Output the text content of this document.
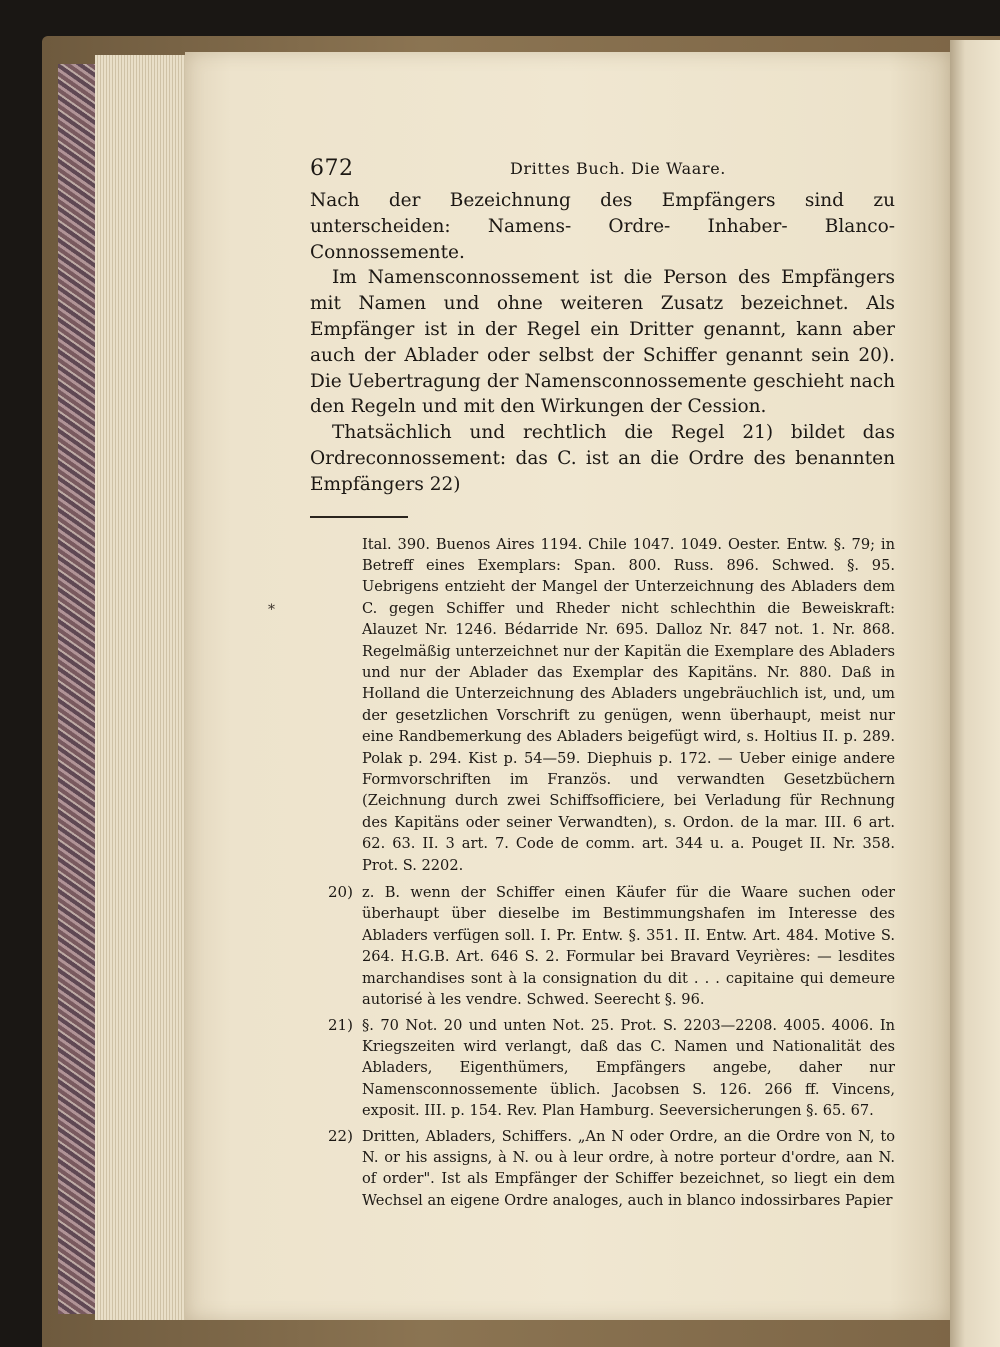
*
672	Drittes Buch. Die Waare.

Nach der Bezeichnung des Empfängers sind zu unterscheiden: Namens- Ordre- Inhaber- Blanco-Connossemente.

Im Namensconnossement ist die Person des Empfängers mit Namen und ohne weiteren Zusatz bezeichnet. Als Empfänger ist in der Regel ein Dritter genannt, kann aber auch der Ablader oder selbst der Schiffer genannt sein 20). Die Uebertragung der Namensconnossemente geschieht nach den Regeln und mit den Wirkungen der Cession.

Thatsächlich und rechtlich die Regel 21) bildet das Ordreconnossement: das C. ist an die Ordre des benannten Empfängers 22)

Ital. 390. Buenos Aires 1194. Chile 1047. 1049. Oester. Entw. §. 79; in Betreff eines Exemplars: Span. 800. Russ. 896. Schwed. §. 95. Uebrigens entzieht der Mangel der Unterzeichnung des Abladers dem C. gegen Schiffer und Rheder nicht schlechthin die Beweiskraft: Alauzet Nr. 1246. Bédarride Nr. 695. Dalloz Nr. 847 not. 1. Nr. 868. Regelmäßig unterzeichnet nur der Kapitän die Exemplare des Abladers und nur der Ablader das Exemplar des Kapitäns. Nr. 880. Daß in Holland die Unterzeichnung des Abladers ungebräuchlich ist, und, um der gesetzlichen Vorschrift zu genügen, wenn überhaupt, meist nur eine Randbemerkung des Abladers beigefügt wird, s. Holtius II. p. 289. Polak p. 294. Kist p. 54—59. Diephuis p. 172. — Ueber einige andere Formvorschriften im Französ. und verwandten Gesetzbüchern (Zeichnung durch zwei Schiffsofficiere, bei Verladung für Rechnung des Kapitäns oder seiner Verwandten), s. Ordon. de la mar. III. 6 art. 62. 63. II. 3 art. 7. Code de comm. art. 344 u. a. Pouget II. Nr. 358. Prot. S. 2202.
20) z. B. wenn der Schiffer einen Käufer für die Waare suchen oder überhaupt über dieselbe im Bestimmungshafen im Interesse des Abladers verfügen soll. I. Pr. Entw. §. 351. II. Entw. Art. 484. Motive S. 264. H.G.B. Art. 646 S. 2. Formular bei Bravard Veyrières: — lesdites marchandises sont à la consignation du dit . . . capitaine qui demeure autorisé à les vendre. Schwed. Seerecht §. 96.
21) §. 70 Not. 20 und unten Not. 25. Prot. S. 2203—2208. 4005. 4006. In Kriegszeiten wird verlangt, daß das C. Namen und Nationalität des Abladers, Eigenthümers, Empfängers angebe, daher nur Namensconnossemente üblich. Jacobsen S. 126. 266 ff. Vincens, exposit. III. p. 154. Rev. Plan Hamburg. Seeversicherungen §. 65. 67.
22) Dritten, Abladers, Schiffers. „An N oder Ordre, an die Ordre von N, to N. or his assigns, à N. ou à leur ordre, à notre porteur d'ordre, aan N. of order". Ist als Empfänger der Schiffer bezeichnet, so liegt ein dem Wechsel an eigene Ordre analoges, auch in blanco indossirbares Papier
